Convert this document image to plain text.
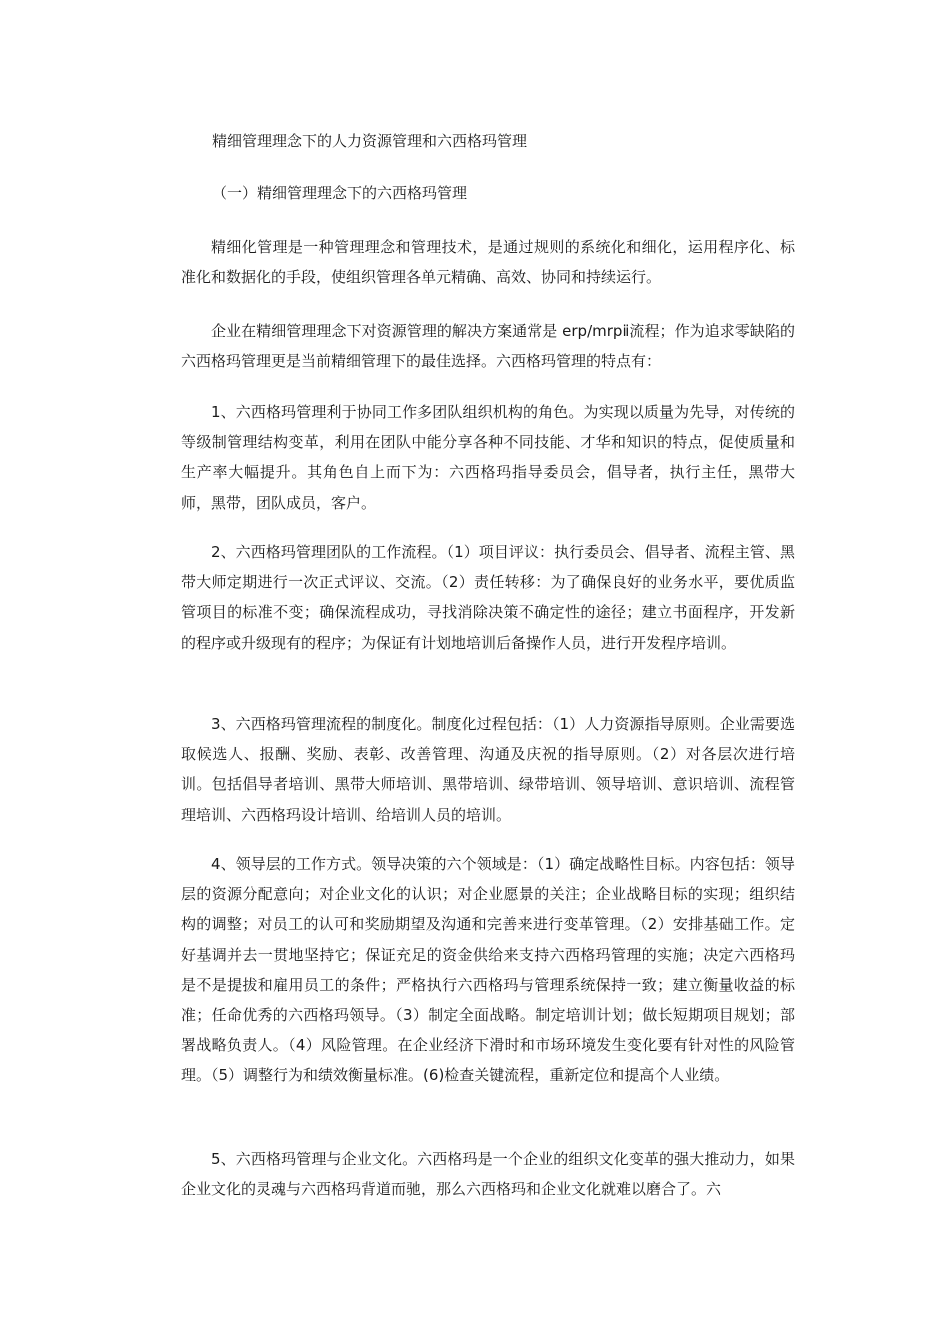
精细管理理念下的人力资源管理和六西格玛管理

（一）精细管理理念下的六西格玛管理

精细化管理是一种管理理念和管理技术，是通过规则的系统化和细化，运用程序化、标准化和数据化的手段，使组织管理各单元精确、高效、协同和持续运行。

企业在精细管理理念下对资源管理的解决方案通常是 erp/mrpⅱ流程；作为追求零缺陷的六西格玛管理更是当前精细管理下的最佳选择。六西格玛管理的特点有：

1、六西格玛管理利于协同工作多团队组织机构的角色。为实现以质量为先导，对传统的等级制管理结构变革，利用在团队中能分享各种不同技能、才华和知识的特点，促使质量和生产率大幅提升。其角色自上而下为：六西格玛指导委员会，倡导者，执行主任，黑带大师，黑带，团队成员，客户。

2、六西格玛管理团队的工作流程。（1）项目评议：执行委员会、倡导者、流程主管、黑带大师定期进行一次正式评议、交流。（2）责任转移：为了确保良好的业务水平，要优质监管项目的标准不变；确保流程成功，寻找消除决策不确定性的途径；建立书面程序，开发新的程序或升级现有的程序；为保证有计划地培训后备操作人员，进行开发程序培训。

3、六西格玛管理流程的制度化。制度化过程包括：（1）人力资源指导原则。企业需要选取候选人、报酬、奖励、表彰、改善管理、沟通及庆祝的指导原则。（2）对各层次进行培训。包括倡导者培训、黑带大师培训、黑带培训、绿带培训、领导培训、意识培训、流程管理培训、六西格玛设计培训、给培训人员的培训。

4、领导层的工作方式。领导决策的六个领域是：（1）确定战略性目标。内容包括：领导层的资源分配意向；对企业文化的认识；对企业愿景的关注；企业战略目标的实现；组织结构的调整；对员工的认可和奖励期望及沟通和完善来进行变革管理。（2）安排基础工作。定好基调并去一贯地坚持它；保证充足的资金供给来支持六西格玛管理的实施；决定六西格玛是不是提拔和雇用员工的条件；严格执行六西格玛与管理系统保持一致；建立衡量收益的标准；任命优秀的六西格玛领导。（3）制定全面战略。制定培训计划；做长短期项目规划；部署战略负责人。（4）风险管理。在企业经济下滑时和市场环境发生变化要有针对性的风险管理。（5）调整行为和绩效衡量标准。(6)检查关键流程，重新定位和提高个人业绩。

5、六西格玛管理与企业文化。六西格玛是一个企业的组织文化变革的强大推动力，如果企业文化的灵魂与六西格玛背道而驰，那么六西格玛和企业文化就难以磨合了。六
